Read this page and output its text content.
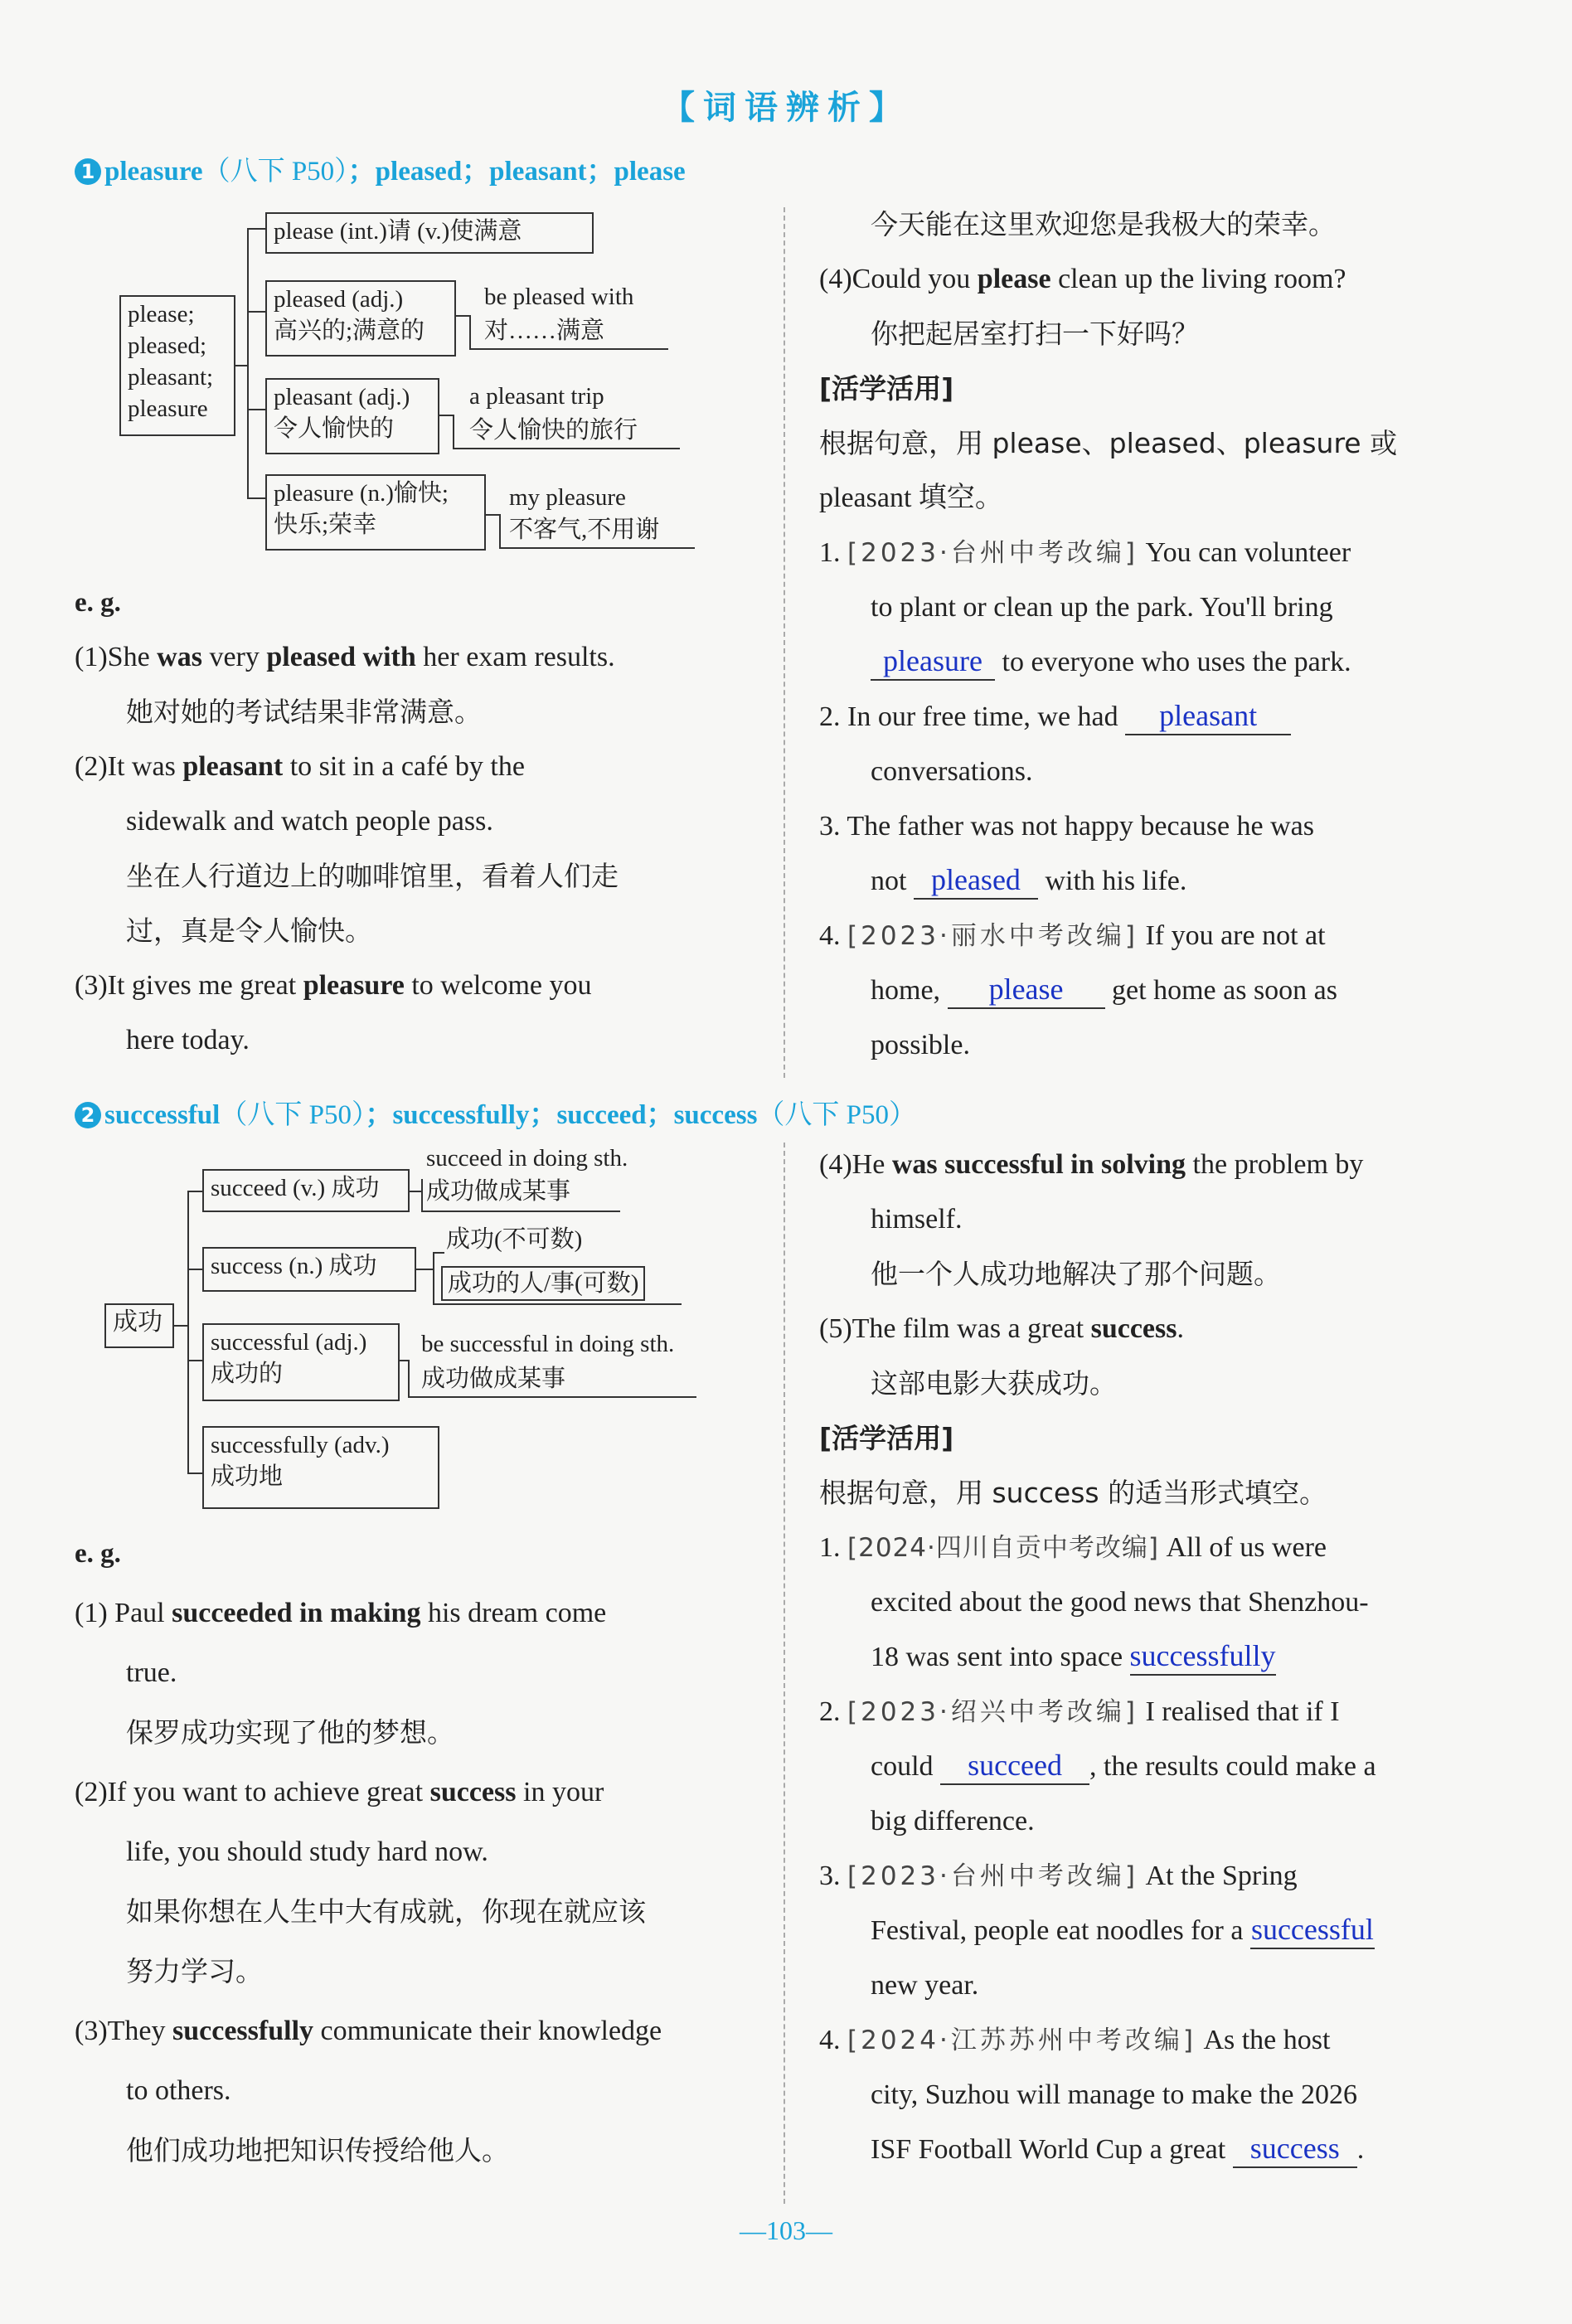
【词语辨析】
1 pleasure（八下 P50）；pleased；pleasant；please
please;
pleased;
pleasant;
pleasure
please (int.)请 (v.)使满意
pleased (adj.)
高兴的;满意的
be pleased with
对……满意
pleasant (adj.)
令人愉快的
a pleasant trip
令人愉快的旅行
pleasure (n.)愉快;
快乐;荣幸
my pleasure
不客气,不用谢

e. g.

(1)She was very pleased with her exam results.

她对她的考试结果非常满意。

(2)It was pleasant to sit in a café by the

sidewalk and watch people pass.

坐在人行道边上的咖啡馆里，看着人们走

过，真是令人愉快。

(3)It gives me great pleasure to welcome you

here today.

今天能在这里欢迎您是我极大的荣幸。

(4)Could you please clean up the living room?

你把起居室打扫一下好吗？

[活学活用]

根据句意，用 please、pleased、pleasure 或

pleasant 填空。

1. [2023·台州中考改编] You can volunteer

to plant or clean up the park. You'll bring

pleasure to everyone who uses the park.

2. In our free time, we had pleasant

conversations.

3. The father was not happy because he was

not pleased with his life.

4. [2023·丽水中考改编] If you are not at

home, please get home as soon as

possible.

2 successful（八下 P50）；successfully；succeed；success（八下 P50）
成功
succeed (v.) 成功
succeed in doing sth.
成功做成某事
success (n.) 成功
成功(不可数)
成功的人/事(可数)
successful (adj.)
成功的
be successful in doing sth.
成功做成某事
successfully (adv.)
成功地

e. g.

(1) Paul succeeded in making his dream come

true.

保罗成功实现了他的梦想。

(2)If you want to achieve great success in your

life, you should study hard now.

如果你想在人生中大有成就，你现在就应该

努力学习。

(3)They successfully communicate their knowledge

to others.

他们成功地把知识传授给他人。

(4)He was successful in solving the problem by

himself.

他一个人成功地解决了那个问题。

(5)The film was a great success.

这部电影大获成功。

[活学活用]

根据句意，用 success 的适当形式填空。

1. [2024·四川自贡中考改编] All of us were

excited about the good news that Shenzhou-

18 was sent into space successfully

2. [2023·绍兴中考改编] I realised that if I

could succeed , the results could make a

big difference.

3. [2023·台州中考改编] At the Spring

Festival, people eat noodles for a successful

new year.

4. [2024·江苏苏州中考改编] As the host

city, Suzhou will manage to make the 2026

ISF Football World Cup a great success .

—103—
